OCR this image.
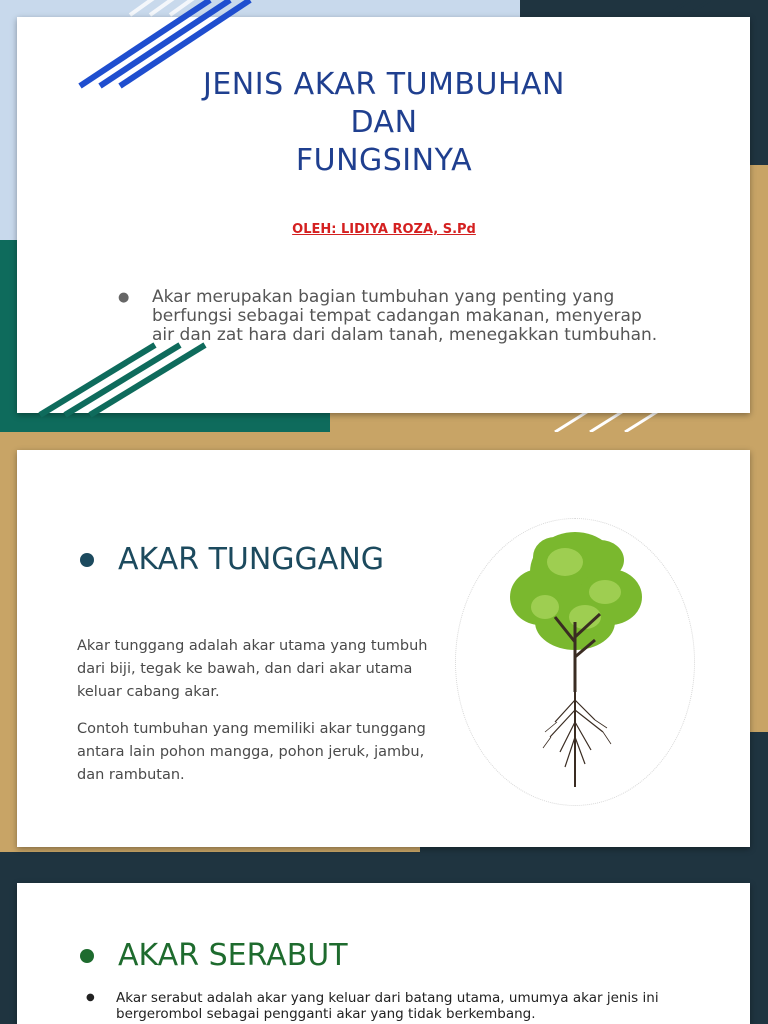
JENIS AKAR TUMBUHAN
DAN
FUNGSINYA
OLEH: LIDIYA ROZA, S.Pd
●	Akar merupakan bagian tumbuhan yang penting yang berfungsi sebagai tempat cadangan makanan, menyerap air dan zat hara dari dalam tanah, menegakkan tumbuhan.
AKAR TUNGGANG
Akar tunggang adalah akar utama yang tumbuh dari biji, tegak ke bawah, dan dari akar utama keluar cabang akar.
Contoh tumbuhan yang memiliki akar tunggang antara lain pohon mangga, pohon jeruk, jambu, dan rambutan.
AKAR SERABUT
●	Akar serabut adalah akar yang keluar dari batang utama, umumya akar jenis ini bergerombol sebagai pengganti akar yang tidak berkembang.
